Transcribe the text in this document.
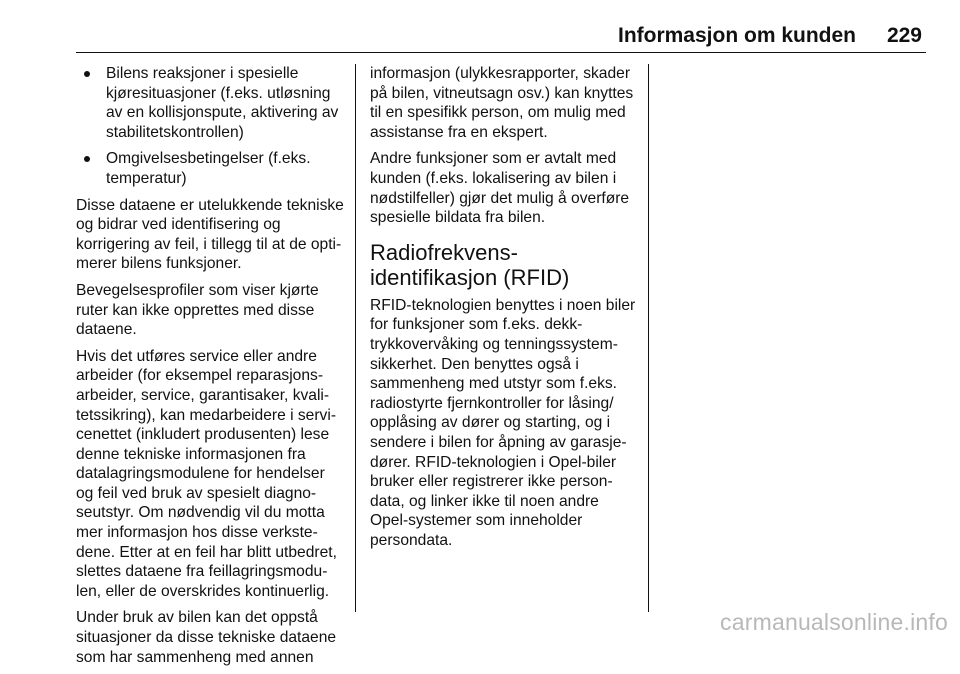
Informasjon om kunden 229
Bilens reaksjoner i spesielle kjøresituasjoner (f.eks. utløsning av en kollisjonspute, aktivering av stabilitetskontrollen)
Omgivelsesbetingelser (f.eks. temperatur)

Disse dataene er utelukkende tekniske og bidrar ved identifisering og korrigering av feil, i tillegg til at de optimerer bilens funksjoner.

Bevegelsesprofiler som viser kjørte ruter kan ikke opprettes med disse dataene.

Hvis det utføres service eller andre arbeider (for eksempel reparasjonsarbeider, service, garantisaker, kvalitetssikring), kan medarbeidere i servicenettet (inkludert produsenten) lese denne tekniske informasjonen fra datalagringsmodulene for hendelser og feil ved bruk av spesielt diagnoseutstyr. Om nødvendig vil du motta mer informasjon hos disse verkstedene. Etter at en feil har blitt utbedret, slettes dataene fra feillagringsmodulen, eller de overskrides kontinuerlig.

Under bruk av bilen kan det oppstå situasjoner da disse tekniske dataene som har sammenheng med annen

informasjon (ulykkesrapporter, skader på bilen, vitneutsagn osv.) kan knyttes til en spesifikk person, om mulig med assistanse fra en ekspert.

Andre funksjoner som er avtalt med kunden (f.eks. lokalisering av bilen i nødstilfeller) gjør det mulig å overføre spesielle bildata fra bilen.

Radiofrekvensidentifikasjon (RFID)

RFID-teknologien benyttes i noen biler for funksjoner som f.eks. dekktrykkovervåking og tenningssystemsikkerhet. Den benyttes også i sammenheng med utstyr som f.eks. radiostyrte fjernkontroller for låsing/ opplåsing av dører og starting, og i sendere i bilen for åpning av garasjedører. RFID-teknologien i Opel-biler bruker eller registrerer ikke persondata, og linker ikke til noen andre Opel-systemer som inneholder persondata.

carmanualsonline.info
